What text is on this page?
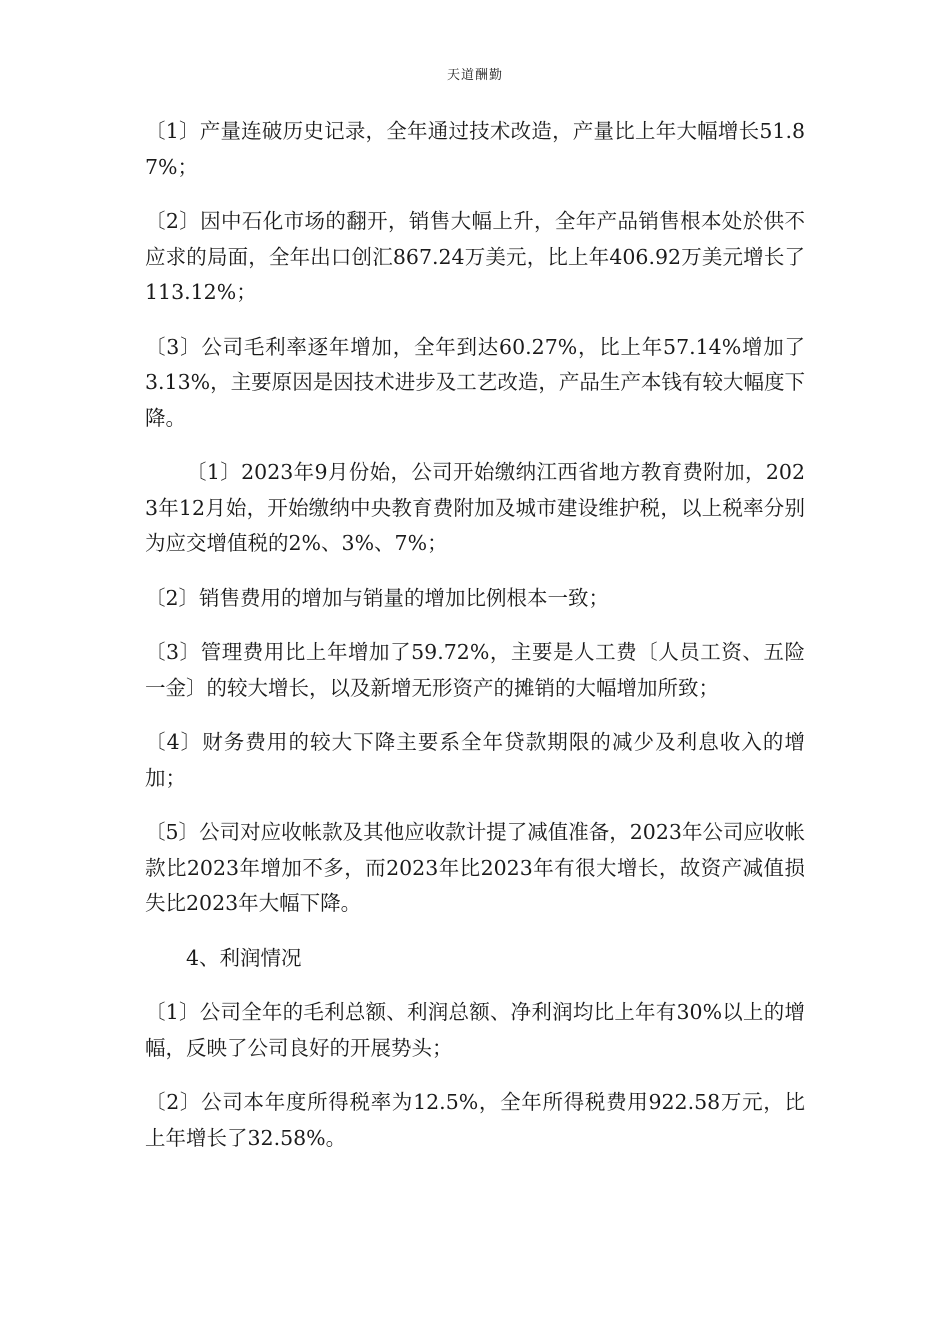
天道酬勤

〔1〕产量连破历史记录，全年通过技术改造，产量比上年大幅增长51.87%；

〔2〕因中石化市场的翻开，销售大幅上升，全年产品销售根本处於供不应求的局面，全年出口创汇867.24万美元，比上年406.92万美元增长了113.12%；

〔3〕公司毛利率逐年增加，全年到达60.27%，比上年57.14%增加了3.13%，主要原因是因技术进步及工艺改造，产品生产本钱有较大幅度下降。

〔1〕2023年9月份始，公司开始缴纳江西省地方教育费附加，2023年12月始，开始缴纳中央教育费附加及城市建设维护税，以上税率分别为应交增值税的2%、3%、7%；

〔2〕销售费用的增加与销量的增加比例根本一致；

〔3〕管理费用比上年增加了59.72%，主要是人工费〔人员工资、五险一金〕的较大增长，以及新增无形资产的摊销的大幅增加所致；

〔4〕财务费用的较大下降主要系全年贷款期限的减少及利息收入的增加；

〔5〕公司对应收帐款及其他应收款计提了减值准备，2023年公司应收帐款比2023年增加不多，而2023年比2023年有很大增长，故资产减值损失比2023年大幅下降。

4、利润情况

〔1〕公司全年的毛利总额、利润总额、净利润均比上年有30%以上的增幅，反映了公司良好的开展势头；

〔2〕公司本年度所得税率为12.5%，全年所得税费用922.58万元，比上年增长了32.58%。
